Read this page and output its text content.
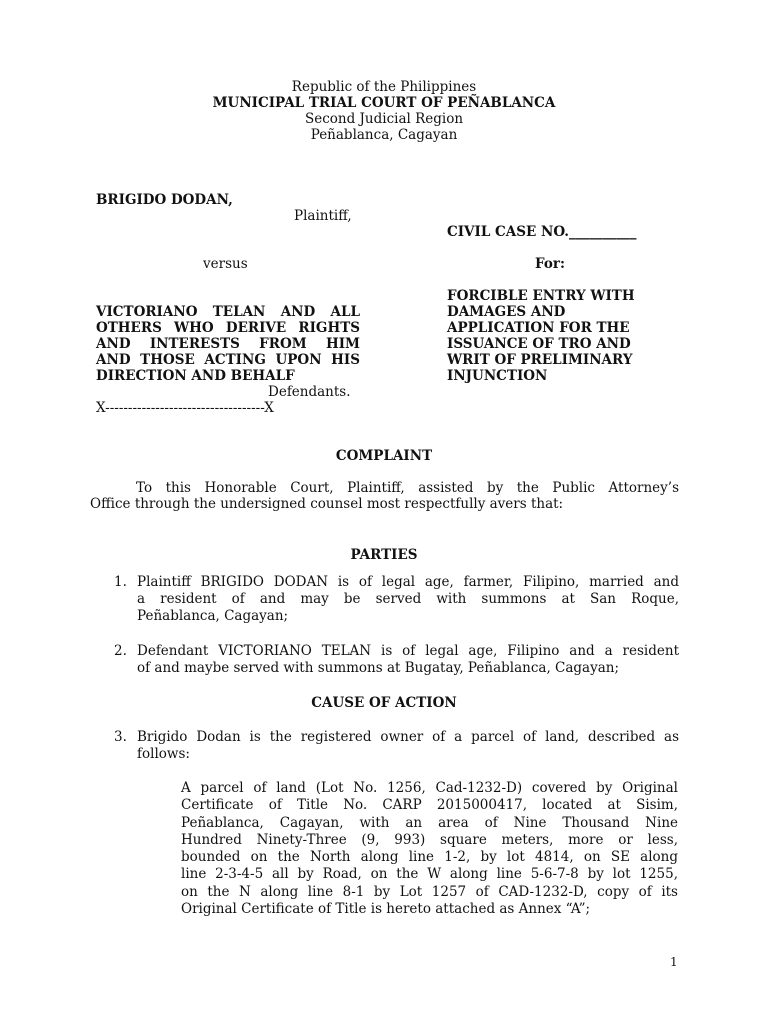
Republic of the Philippines
MUNICIPAL TRIAL COURT OF PEÑABLANCA
Second Judicial Region
Peñablanca, Cagayan
BRIGIDO DODAN,
Plaintiff,
versus
VICTORIANO TELAN AND ALL
OTHERS WHO DERIVE RIGHTS
AND INTERESTS FROM HIM
AND THOSE ACTING UPON HIS
DIRECTION AND BEHALF
Defendants.
X-----------------------------------X
CIVIL CASE NO.__________
For:
FORCIBLE ENTRY WITH
DAMAGES AND
APPLICATION FOR THE
ISSUANCE OF TRO AND
WRIT OF PRELIMINARY
INJUNCTION
COMPLAINT
To this Honorable Court, Plaintiff, assisted by the Public Attorney’s
Office through the undersigned counsel most respectfully avers that:
PARTIES
1. Plaintiff BRIGIDO DODAN is of legal age, farmer, Filipino, married and
a resident of and may be served with summons at San Roque,
Peñablanca, Cagayan;
2. Defendant VICTORIANO TELAN is of legal age, Filipino and a resident
of and maybe served with summons at Bugatay, Peñablanca, Cagayan;
CAUSE OF ACTION
3. Brigido Dodan is the registered owner of a parcel of land, described as
follows:
A parcel of land (Lot No. 1256, Cad-1232-D) covered by Original
Certificate of Title No. CARP 2015000417, located at Sisim,
Peñablanca, Cagayan, with an area of Nine Thousand Nine
Hundred Ninety-Three (9, 993) square meters, more or less,
bounded on the North along line 1-2, by lot 4814, on SE along
line 2-3-4-5 all by Road, on the W along line 5-6-7-8 by lot 1255,
on the N along line 8-1 by Lot 1257 of CAD-1232-D, copy of its
Original Certificate of Title is hereto attached as Annex “A”;
1
